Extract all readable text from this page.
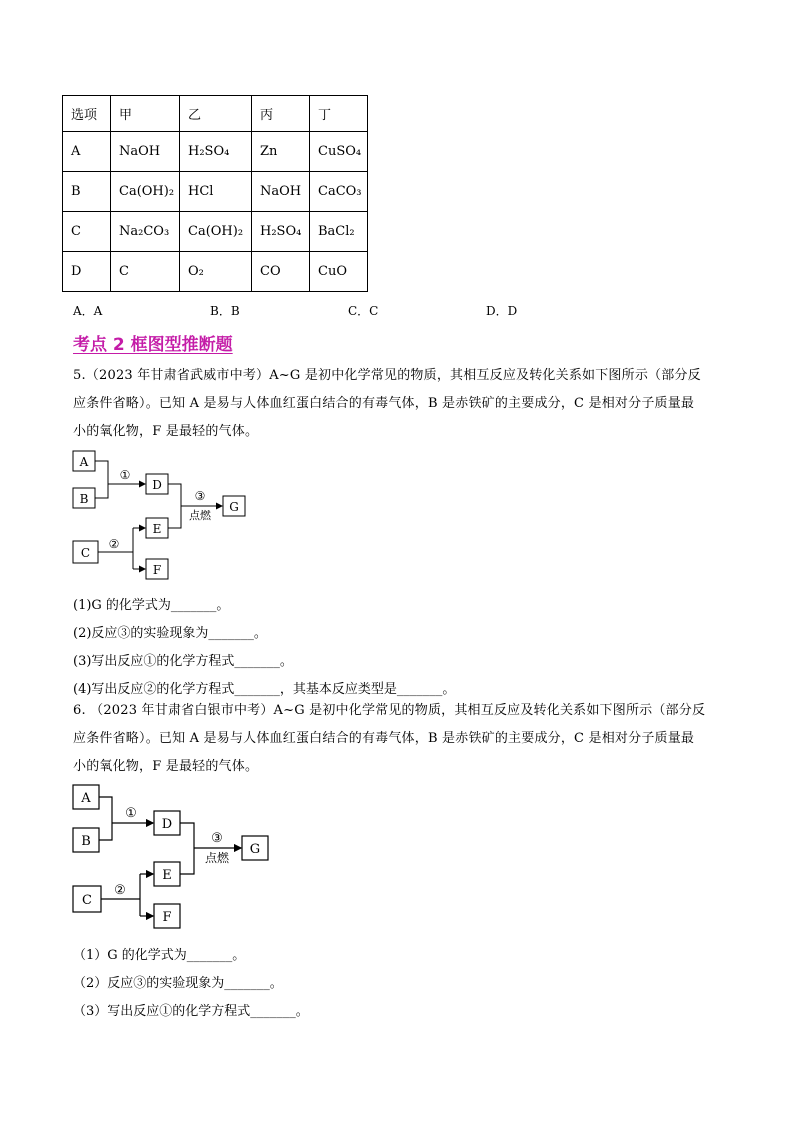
选项	甲	乙	丙	丁
A	NaOH	H₂SO₄	Zn	CuSO₄
B	Ca(OH)₂	HCl	NaOH	CaCO₃
C	Na₂CO₃	Ca(OH)₂	H₂SO₄	BaCl₂
D	C	O₂	CO	CuO
A．A	B．B	C．C	D．D
考点 2 框图型推断题
5.（2023 年甘肃省武威市中考）A~G 是初中化学常见的物质，其相互反应及转化关系如下图所示（部分反
应条件省略）。已知 A 是易与人体血红蛋白结合的有毒气体，B 是赤铁矿的主要成分，C 是相对分子质量最
小的氧化物，F 是最轻的气体。
A
B
C
D
E
F
G
①
②
③
点燃
(1)G 的化学式为_______。
(2)反应③的实验现象为_______。
(3)写出反应①的化学方程式_______。
(4)写出反应②的化学方程式_______，其基本反应类型是_______。
6. （2023 年甘肃省白银市中考）A~G 是初中化学常见的物质，其相互反应及转化关系如下图所示（部分反
应条件省略）。已知 A 是易与人体血红蛋白结合的有毒气体，B 是赤铁矿的主要成分，C 是相对分子质量最
小的氧化物，F 是最轻的气体。
A
B
C
D
E
F
G
①
②
③
点燃
（1）G 的化学式为_______。
（2）反应③的实验现象为_______。
（3）写出反应①的化学方程式_______。
